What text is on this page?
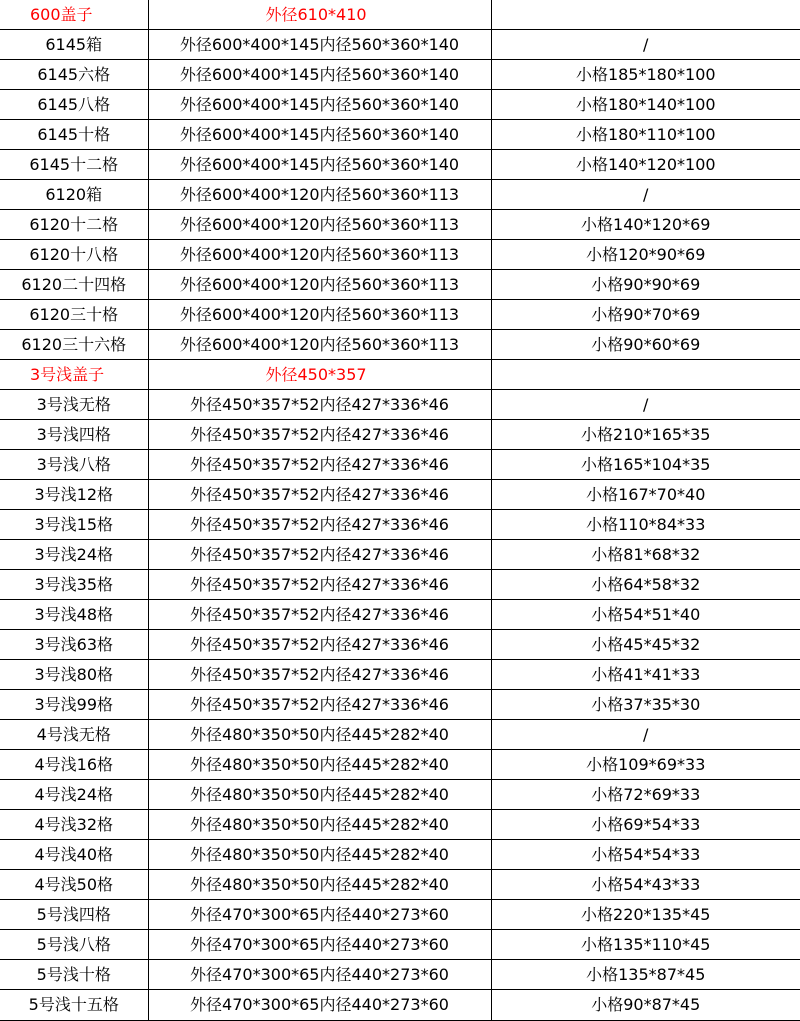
600盖子	外径610*410	
6145箱	外径600*400*145内径560*360*140	/
6145六格	外径600*400*145内径560*360*140	小格185*180*100
6145八格	外径600*400*145内径560*360*140	小格180*140*100
6145十格	外径600*400*145内径560*360*140	小格180*110*100
6145十二格	外径600*400*145内径560*360*140	小格140*120*100
6120箱	外径600*400*120内径560*360*113	/
6120十二格	外径600*400*120内径560*360*113	小格140*120*69
6120十八格	外径600*400*120内径560*360*113	小格120*90*69
6120二十四格	外径600*400*120内径560*360*113	小格90*90*69
6120三十格	外径600*400*120内径560*360*113	小格90*70*69
6120三十六格	外径600*400*120内径560*360*113	小格90*60*69
3号浅盖子	外径450*357	
3号浅无格	外径450*357*52内径427*336*46	/
3号浅四格	外径450*357*52内径427*336*46	小格210*165*35
3号浅八格	外径450*357*52内径427*336*46	小格165*104*35
3号浅12格	外径450*357*52内径427*336*46	小格167*70*40
3号浅15格	外径450*357*52内径427*336*46	小格110*84*33
3号浅24格	外径450*357*52内径427*336*46	小格81*68*32
3号浅35格	外径450*357*52内径427*336*46	小格64*58*32
3号浅48格	外径450*357*52内径427*336*46	小格54*51*40
3号浅63格	外径450*357*52内径427*336*46	小格45*45*32
3号浅80格	外径450*357*52内径427*336*46	小格41*41*33
3号浅99格	外径450*357*52内径427*336*46	小格37*35*30
4号浅无格	外径480*350*50内径445*282*40	/
4号浅16格	外径480*350*50内径445*282*40	小格109*69*33
4号浅24格	外径480*350*50内径445*282*40	小格72*69*33
4号浅32格	外径480*350*50内径445*282*40	小格69*54*33
4号浅40格	外径480*350*50内径445*282*40	小格54*54*33
4号浅50格	外径480*350*50内径445*282*40	小格54*43*33
5号浅四格	外径470*300*65内径440*273*60	小格220*135*45
5号浅八格	外径470*300*65内径440*273*60	小格135*110*45
5号浅十格	外径470*300*65内径440*273*60	小格135*87*45
5号浅十五格	外径470*300*65内径440*273*60	小格90*87*45
